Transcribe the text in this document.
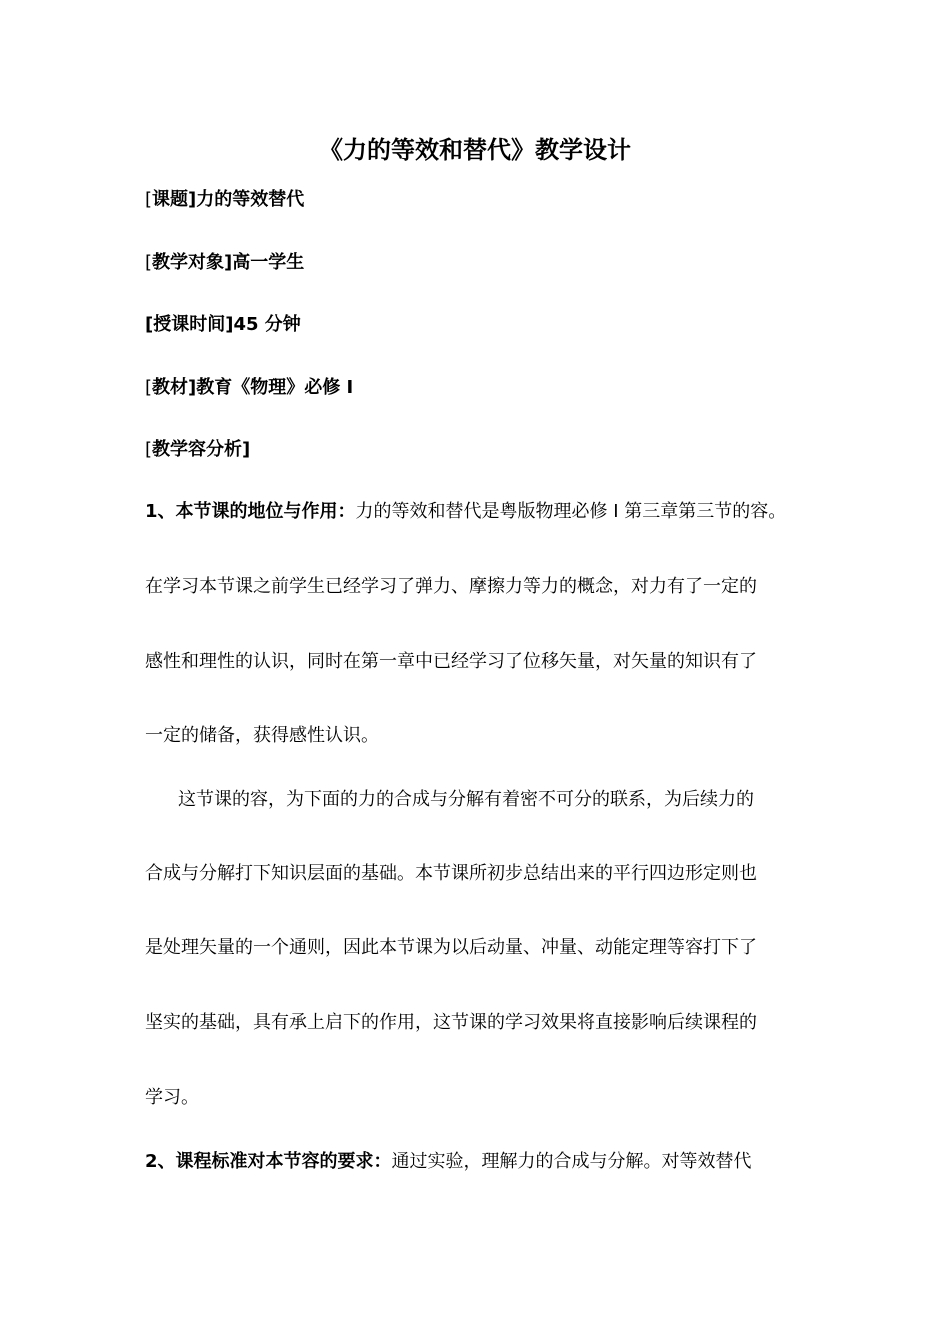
《力的等效和替代》教学设计
[课题]力的等效替代
[教学对象]高一学生
[授课时间]45 分钟
[教材]教育《物理》必修 I
[教学容分析]
1、本节课的地位与作用：力的等效和替代是粤版物理必修 I 第三章第三节的容。
在学习本节课之前学生已经学习了弹力、摩擦力等力的概念，对力有了一定的
感性和理性的认识，同时在第一章中已经学习了位移矢量，对矢量的知识有了
一定的储备，获得感性认识。
这节课的容，为下面的力的合成与分解有着密不可分的联系，为后续力的
合成与分解打下知识层面的基础。本节课所初步总结出来的平行四边形定则也
是处理矢量的一个通则，因此本节课为以后动量、冲量、动能定理等容打下了
坚实的基础，具有承上启下的作用，这节课的学习效果将直接影响后续课程的
学习。
2、课程标准对本节容的要求：通过实验，理解力的合成与分解。对等效替代
